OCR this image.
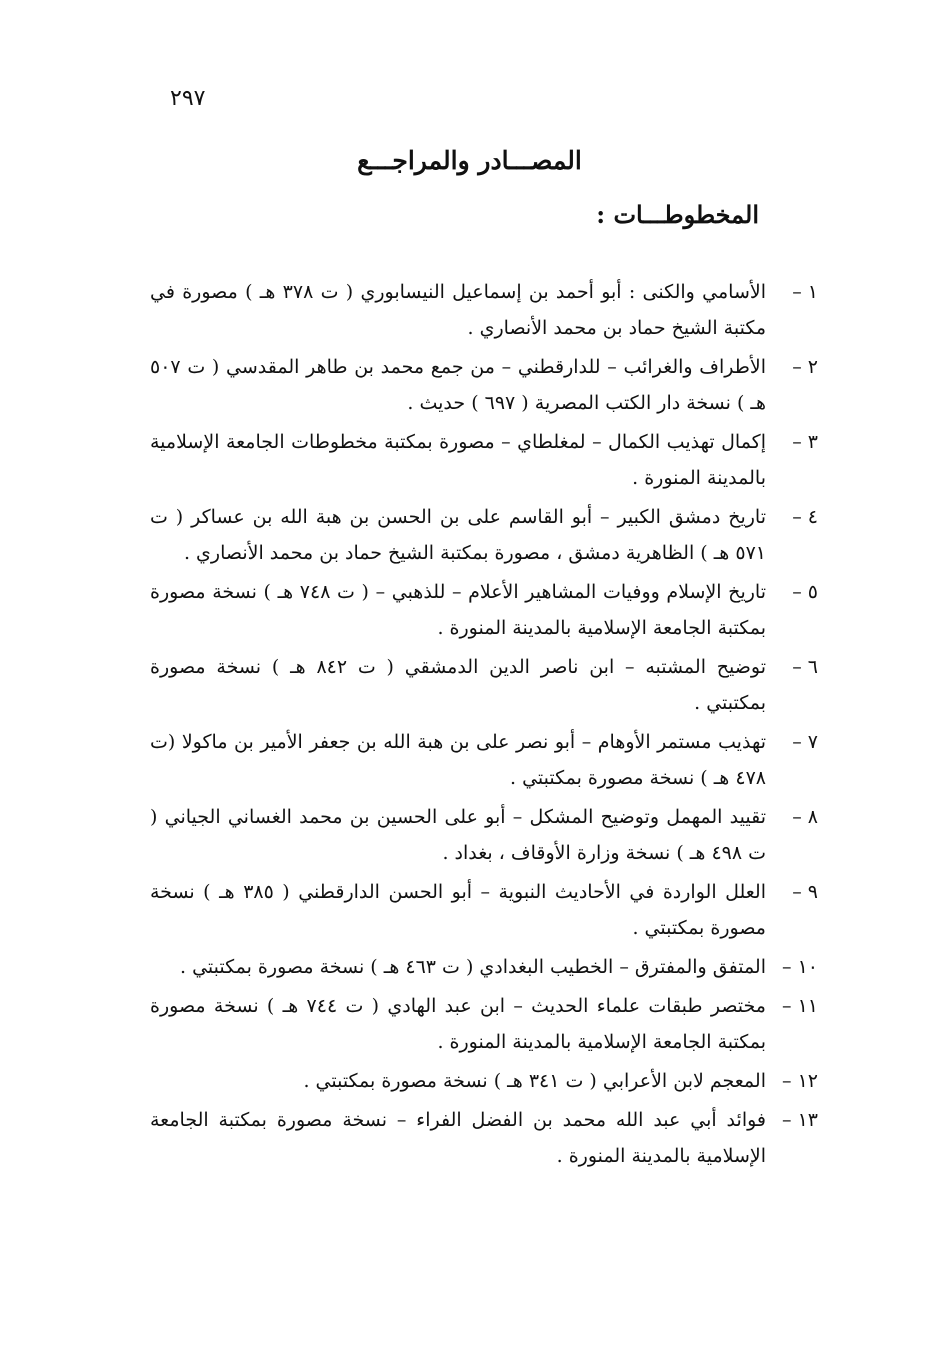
٢٩٧
المصـــادر والمراجـــع
المخطوطـــات :
١ –
الأسامي والكنى : أبو أحمد بن إسماعيل النيسابوري ( ت ٣٧٨ هـ ) مصورة في مكتبة الشيخ حماد بن محمد الأنصاري .
٢ –
الأطراف والغرائب – للدارقطني – من جمع محمد بن طاهر المقدسي ( ت ٥٠٧ هـ ) نسخة دار الكتب المصرية ( ٦٩٧ ) حديث .
٣ –
إكمال تهذيب الكمال – لمغلطاي – مصورة بمكتبة مخطوطات الجامعة الإسلامية بالمدينة المنورة .
٤ –
تاريخ دمشق الكبير – أبو القاسم على بن الحسن بن هبة الله بن عساكر ( ت ٥٧١ هـ ) الظاهرية دمشق ، مصورة بمكتبة الشيخ حماد بن محمد الأنصاري .
٥ –
تاريخ الإسلام ووفيات المشاهير الأعلام – للذهبي – ( ت ٧٤٨ هـ ) نسخة مصورة بمكتبة الجامعة الإسلامية بالمدينة المنورة .
٦ –
توضيح المشتبه – ابن ناصر الدين الدمشقي ( ت ٨٤٢ هـ ) نسخة مصورة بمكتبتي .
٧ –
تهذيب مستمر الأوهام – أبو نصر على بن هبة الله بن جعفر الأمير بن ماكولا (ت ٤٧٨ هـ ) نسخة مصورة بمكتبتي .
٨ –
تقييد المهمل وتوضيح المشكل – أبو على الحسين بن محمد الغساني الجياني ( ت ٤٩٨ هـ ) نسخة وزارة الأوقاف ، بغداد .
٩ –
العلل الواردة في الأحاديث النبوية – أبو الحسن الدارقطني ( ٣٨٥ هـ ) نسخة مصورة بمكتبتي .
١٠ –
المتفق والمفترق – الخطيب البغدادي ( ت ٤٦٣ هـ ) نسخة مصورة بمكتبتي .
١١ –
مختصر طبقات علماء الحديث – ابن عبد الهادي ( ت ٧٤٤ هـ ) نسخة مصورة بمكتبة الجامعة الإسلامية بالمدينة المنورة .
١٢ –
المعجم لابن الأعرابي ( ت ٣٤١ هـ ) نسخة مصورة بمكتبتي .
١٣ –
فوائد أبي عبد الله محمد بن الفضل الفراء – نسخة مصورة بمكتبة الجامعة الإسلامية بالمدينة المنورة .
